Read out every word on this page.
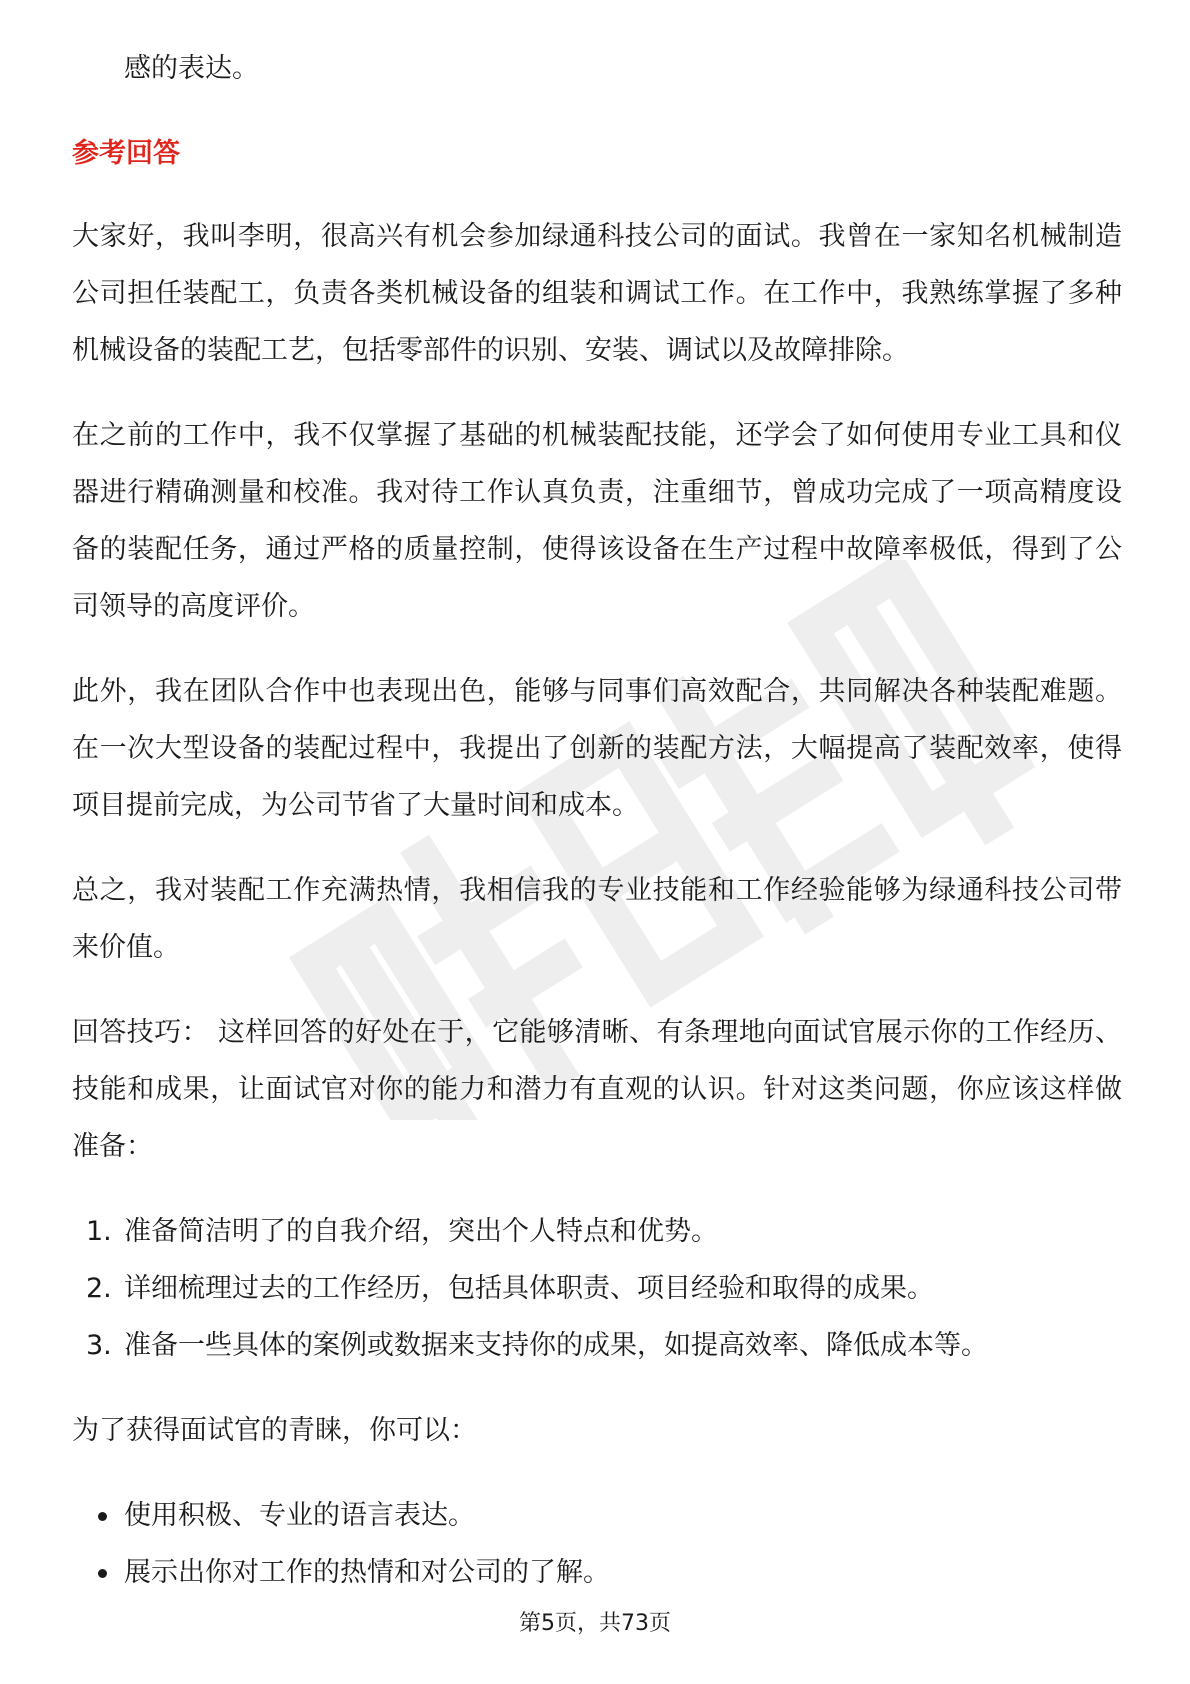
感的表达。

参考回答

大家好，我叫李明，很高兴有机会参加绿通科技公司的面试。我曾在一家知名机械制造公司担任装配工，负责各类机械设备的组装和调试工作。在工作中，我熟练掌握了多种机械设备的装配工艺，包括零部件的识别、安装、调试以及故障排除。

在之前的工作中，我不仅掌握了基础的机械装配技能，还学会了如何使用专业工具和仪器进行精确测量和校准。我对待工作认真负责，注重细节，曾成功完成了一项高精度设备的装配任务，通过严格的质量控制，使得该设备在生产过程中故障率极低，得到了公司领导的高度评价。

此外，我在团队合作中也表现出色，能够与同事们高效配合，共同解决各种装配难题。在一次大型设备的装配过程中，我提出了创新的装配方法，大幅提高了装配效率，使得项目提前完成，为公司节省了大量时间和成本。

总之，我对装配工作充满热情，我相信我的专业技能和工作经验能够为绿通科技公司带来价值。

回答技巧： 这样回答的好处在于，它能够清晰、有条理地向面试官展示你的工作经历、技能和成果，让面试官对你的能力和潜力有直观的认识。针对这类问题，你应该这样做准备：

1. 准备简洁明了的自我介绍，突出个人特点和优势。
2. 详细梳理过去的工作经历，包括具体职责、项目经验和取得的成果。
3. 准备一些具体的案例或数据来支持你的成果，如提高效率、降低成本等。

为了获得面试官的青睐，你可以：

使用积极、专业的语言表达。
展示出你对工作的热情和对公司的了解。
第5页，共73页
